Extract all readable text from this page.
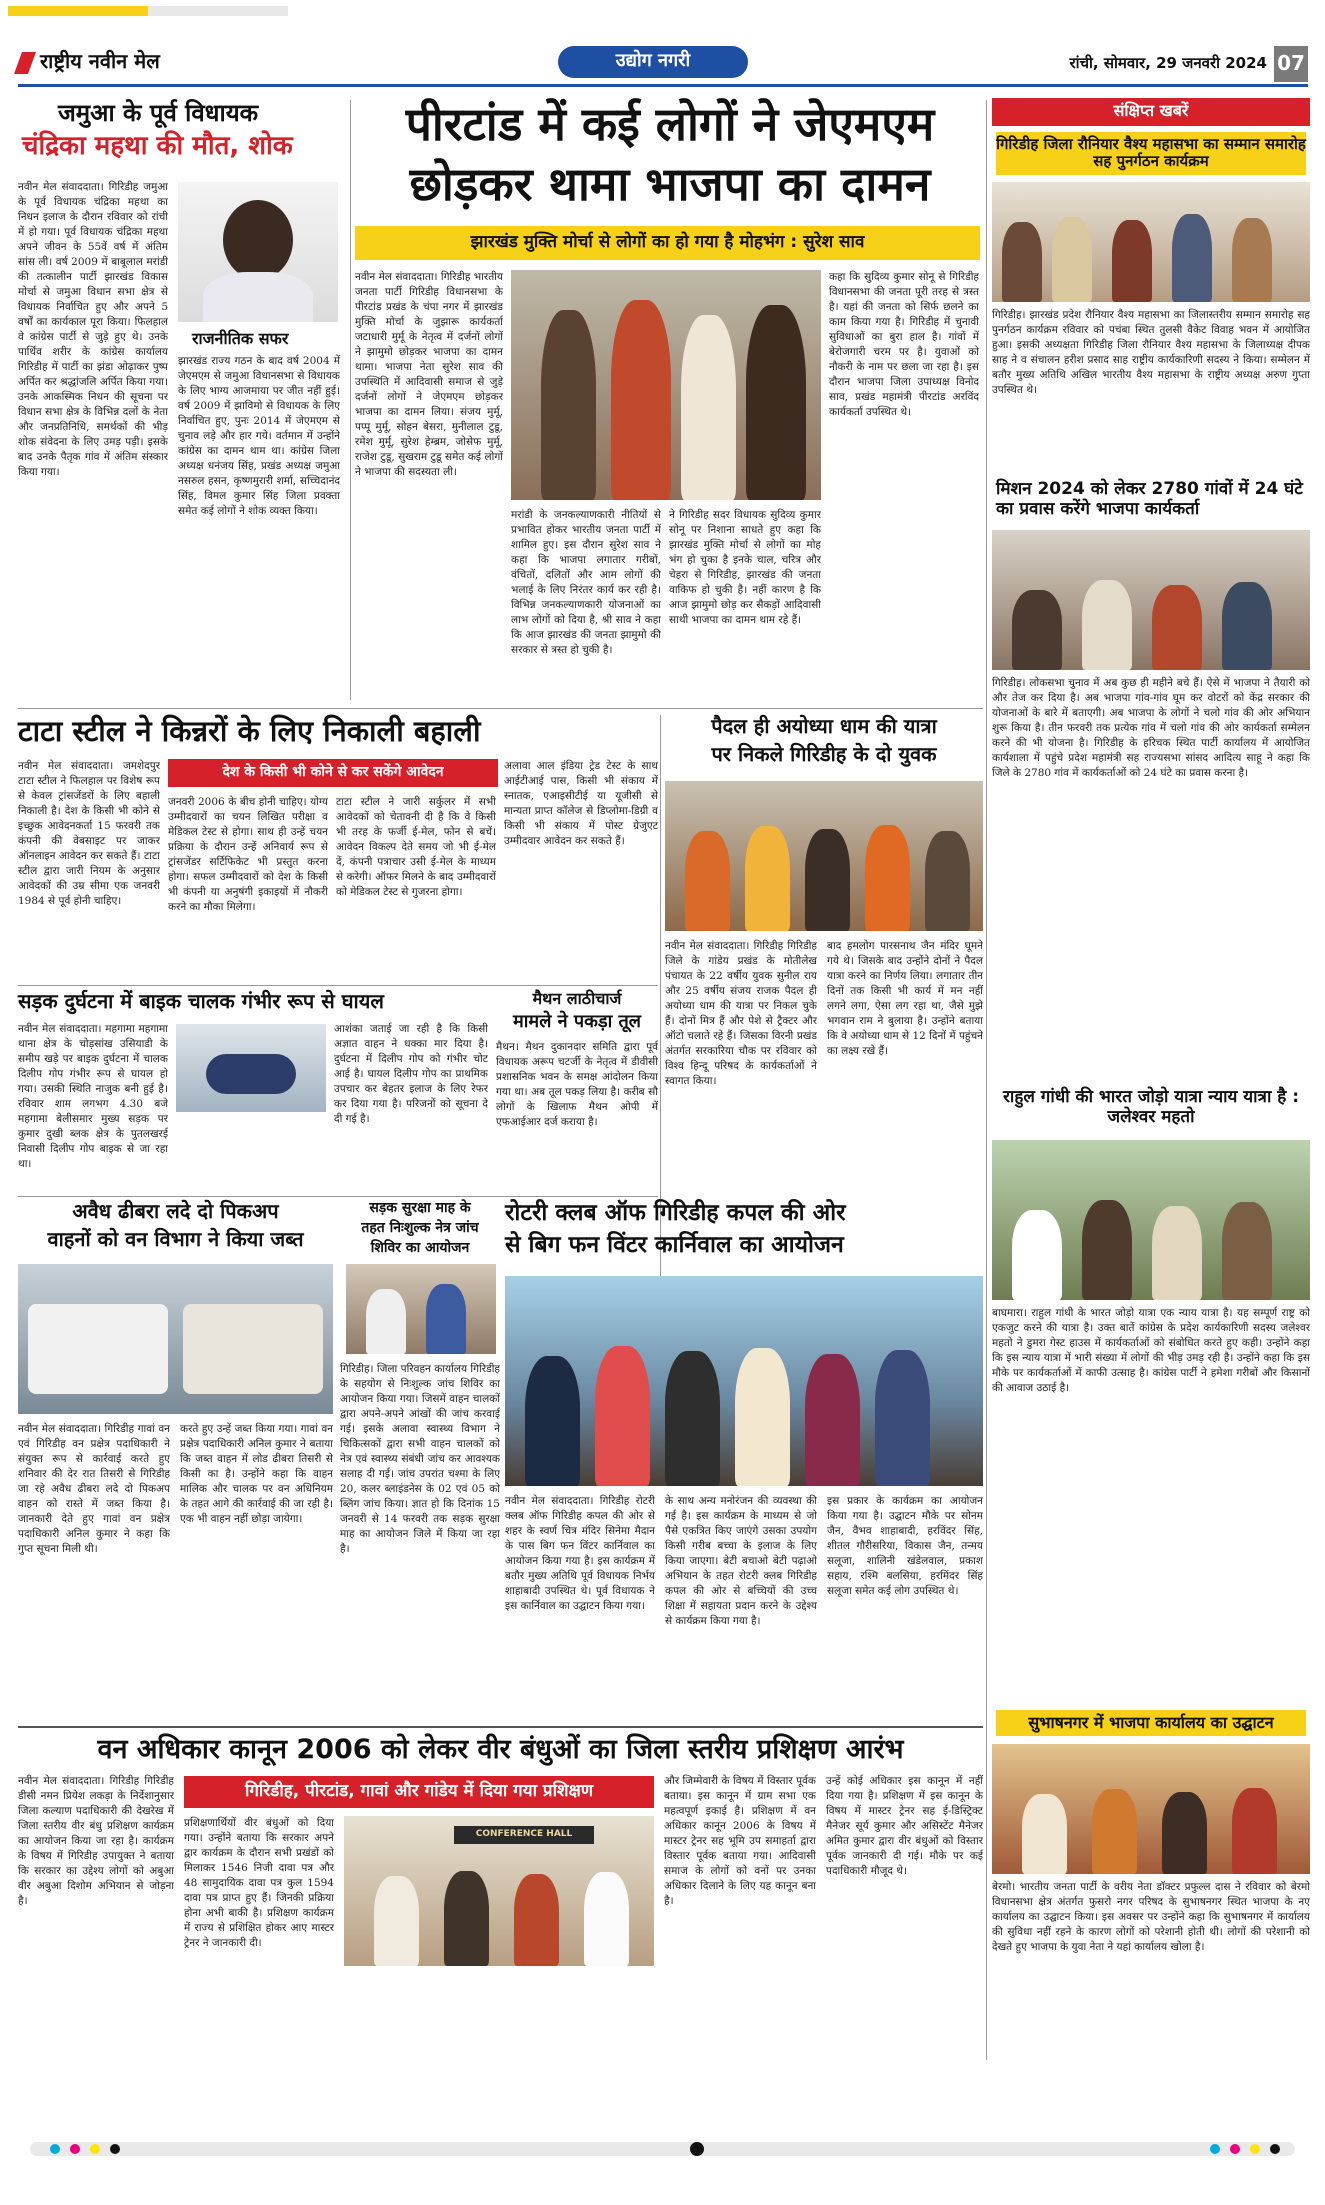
राष्ट्रीय नवीन मेल	उद्योग नगरी	रांची, सोमवार, 29 जनवरी 2024 07
जमुआ के पूर्व विधायक
चंद्रिका महथा की मौत, शोक
नवीन मेल संवाददाता। गिरिडीह जमुआ के पूर्व विधायक चंद्रिका महथा का निधन इलाज के दौरान रविवार को रांची में हो गया। पूर्व विधायक चंद्रिका महथा अपने जीवन के 55वें वर्ष में अंतिम सांस ली। वर्ष 2009 में बाबूलाल मरांडी की तत्कालीन पार्टी झारखंड विकास मोर्चा से जमुआ विधान सभा क्षेत्र से विधायक निर्वाचित हुए और अपने 5 वर्षों का कार्यकाल पूरा किया। फिलहाल वे कांग्रेस पार्टी से जुड़े हुए थे। उनके पार्थिव शरीर के कांग्रेस कार्यालय गिरिडीह में पार्टी का झंडा ओढ़ाकर पुष्प अर्पित कर श्रद्धांजलि अर्पित किया गया। उनके आकस्मिक निधन की सूचना पर विधान सभा क्षेत्र के विभिन्न दलों के नेता और जनप्रतिनिधि, समर्थकों की भीड़ शोक संवेदना के लिए उमड़ पड़ी। इसके बाद उनके पैतृक गांव में अंतिम संस्कार किया गया।
राजनीतिक सफर
झारखंड राज्य गठन के बाद वर्ष 2004 में जेएमएम से जमुआ विधानसभा से विधायक के लिए भाग्य आजमाया पर जीत नहीं हुई। वर्ष 2009 में झाविमो से विधायक के लिए निर्वाचित हुए, पुनः 2014 में जेएमएम से चुनाव लड़े और हार गये। वर्तमान में उन्होंने कांग्रेस का दामन थाम था। कांग्रेस जिला अध्यक्ष धनंजय सिंह, प्रखंड अध्यक्ष जमुआ नसरुल हसन, कृष्णमुरारी शर्मा, सच्चिदानंद सिंह, विमल कुमार सिंह जिला प्रवक्ता समेत कई लोगों ने शोक व्यक्त किया।
पीरटांड में कई लोगों ने जेएमएम
छोड़कर थामा भाजपा का दामन
झारखंड मुक्ति मोर्चा से लोगों का हो गया है मोहभंग : सुरेश साव
नवीन मेल संवाददाता। गिरिडीह भारतीय जनता पार्टी गिरिडीह विधानसभा के पीरटांड प्रखंड के चंपा नगर में झारखंड मुक्ति मोर्चा के जुझारू कार्यकर्ता जटाधारी मुर्मू के नेतृत्व में दर्जनों लोगों ने झामुमो छोड़कर भाजपा का दामन थामा। भाजपा नेता सुरेश साव की उपस्थिति में आदिवासी समाज से जुड़े दर्जनों लोगों ने जेएमएम छोड़कर भाजपा का दामन लिया। संजय मुर्मू, पप्पू मुर्मू, सोहन बेसरा, मुनीलाल टुडू, रमेश मुर्मू, सुरेश हेम्ब्रम, जोसेफ मुर्मू, राजेश टुडू, सुखराम टुडू समेत कई लोगों ने भाजपा की सदस्यता ली।
मरांडी के जनकल्याणकारी नीतियों से प्रभावित होकर भारतीय जनता पार्टी में शामिल हुए। इस दौरान सुरेश साव ने कहा कि भाजपा लगातार गरीबों, वंचितों, दलितों और आम लोगों की भलाई के लिए निरंतर कार्य कर रही है। विभिन्न जनकल्याणकारी योजनाओं का लाभ लोगों को दिया है, श्री साव ने कहा कि आज झारखंड की जनता झामुमो की सरकार से त्रस्त हो चुकी है।
ने गिरिडीह सदर विधायक सुदिव्य कुमार सोनू पर निशाना साधते हुए कहा कि झारखंड मुक्ति मोर्चा से लोगों का मोह भंग हो चुका है इनके चाल, चरित्र और चेहरा से गिरिडीह, झारखंड की जनता वाकिफ हो चुकी है। नहीं कारण है कि आज झामुमो छोड़ कर सैकड़ों आदिवासी साथी भाजपा का दामन थाम रहे हैं।
कहा कि सुदिव्य कुमार सोनू से गिरिडीह विधानसभा की जनता पूरी तरह से त्रस्त है। यहां की जनता को सिर्फ छलने का काम किया गया है। गिरिडीह में चुनावी सुविधाओं का बुरा हाल है। गांवों में बेरोजगारी चरम पर है। युवाओं को नौकरी के नाम पर छला जा रहा है। इस दौरान भाजपा जिला उपाध्यक्ष विनोद साव, प्रखंड महामंत्री पीरटांड अरविंद कार्यकर्ता उपस्थित थे।
संक्षिप्त खबरें
गिरिडीह जिला रौनियार वैश्य महासभा का सम्मान समारोह सह पुनर्गठन कार्यक्रम
गिरिडीह। झारखंड प्रदेश रौनियार वैश्य महासभा का जिलास्तरीय सम्मान समारोह सह पुनर्गठन कार्यक्रम रविवार को पचंबा स्थित तुलसी वैकेट विवाह भवन में आयोजित हुआ। इसकी अध्यक्षता गिरिडीह जिला रौनियार वैश्य महासभा के जिलाध्यक्ष दीपक साह ने व संचालन हरीश प्रसाद साह राष्ट्रीय कार्यकारिणी सदस्य ने किया। सम्मेलन में बतौर मुख्य अतिथि अखिल भारतीय वैश्य महासभा के राष्ट्रीय अध्यक्ष अरुण गुप्ता उपस्थित थे।
मिशन 2024 को लेकर 2780 गांवों में 24 घंटे का प्रवास करेंगे भाजपा कार्यकर्ता
गिरिडीह। लोकसभा चुनाव में अब कुछ ही महीने बचे हैं। ऐसे में भाजपा ने तैयारी को और तेज कर दिया है। अब भाजपा गांव-गांव घूम कर वोटरों को केंद्र सरकार की योजनाओं के बारे में बताएगी। अब भाजपा के लोगों ने चलो गांव की ओर अभियान शुरू किया है। तीन फरवरी तक प्रत्येक गांव में चलो गांव की ओर कार्यकर्ता सम्मेलन करने की भी योजना है। गिरिडीह के हरिचक स्थित पार्टी कार्यालय में आयोजित कार्यशाला में पहुंचे प्रदेश महामंत्री सह राज्यसभा सांसद आदित्य साहू ने कहा कि जिले के 2780 गांव में कार्यकर्ताओं को 24 घंटे का प्रवास करना है।
राहुल गांधी की भारत जोड़ो यात्रा न्याय यात्रा है : जलेश्वर महतो
बाघमारा। राहुल गांधी के भारत जोड़ो यात्रा एक न्याय यात्रा है। यह सम्पूर्ण राष्ट्र को एकजुट करने की यात्रा है। उक्त बातें कांग्रेस के प्रदेश कार्यकारिणी सदस्य जलेश्वर महतो ने डुमरा गेस्ट हाउस में कार्यकर्ताओं को संबोधित करते हुए कही। उन्होंने कहा कि इस न्याय यात्रा में भारी संख्या में लोगों की भीड़ उमड़ रही है। उन्होंने कहा कि इस मौके पर कार्यकर्ताओं में काफी उत्साह है। कांग्रेस पार्टी ने हमेशा गरीबों और किसानों की आवाज उठाई है।
सुभाषनगर में भाजपा कार्यालय का उद्घाटन
बेरमो। भारतीय जनता पार्टी के वरीय नेता डॉक्टर प्रफुल्ल दास ने रविवार को बेरमो विधानसभा क्षेत्र अंतर्गत फुसरो नगर परिषद के सुभाषनगर स्थित भाजपा के नए कार्यालय का उद्घाटन किया। इस अवसर पर उन्होंने कहा कि सुभाषनगर में कार्यालय की सुविधा नहीं रहने के कारण लोगों को परेशानी होती थी। लोगों की परेशानी को देखते हुए भाजपा के युवा नेता ने यहां कार्यालय खोला है।
टाटा स्टील ने किन्नरों के लिए निकाली बहाली
देश के किसी भी कोने से कर सकेंगे आवेदन
नवीन मेल संवाददाता। जमशेदपुर टाटा स्टील ने फिलहाल पर विशेष रूप से केवल ट्रांसजेंडरों के लिए बहाली निकाली है। देश के किसी भी कोने से इच्छुक आवेदनकर्ता 15 फरवरी तक कंपनी की वेबसाइट पर जाकर ऑनलाइन आवेदन कर सकते हैं। टाटा स्टील द्वारा जारी नियम के अनुसार आवेदकों की उम्र सीमा एक जनवरी 1984 से पूर्व होनी चाहिए।
जनवरी 2006 के बीच होनी चाहिए। योग्य उम्मीदवारों का चयन लिखित परीक्षा व मेडिकल टेस्ट से होगा। साथ ही उन्हें चयन प्रक्रिया के दौरान उन्हें अनिवार्य रूप से ट्रांसजेंडर सर्टिफिकेट भी प्रस्तुत करना होगा। सफल उम्मीदवारों को देश के किसी भी कंपनी या अनुषंगी इकाइयों में नौकरी करने का मौका मिलेगा।
टाटा स्टील ने जारी सर्कुलर में सभी आवेदकों को चेतावनी दी है कि वे किसी भी तरह के फर्जी ई-मेल, फोन से बचें। आवेदन विकल्प देते समय जो भी ई-मेल दें, कंपनी पत्राचार उसी ई-मेल के माध्यम से करेगी। ऑफर मिलने के बाद उम्मीदवारों को मेडिकल टेस्ट से गुजरना होगा।
अलावा आल इंडिया ट्रेड टेस्ट के साथ आईटीआई पास, किसी भी संकाय में स्नातक, एआइसीटीई या यूजीसी से मान्यता प्राप्त कॉलेज से डिप्लोमा-डिग्री व किसी भी संकाय में पोस्ट ग्रेजुएट उम्मीदवार आवेदन कर सकते हैं।
पैदल ही अयोध्या धाम की यात्रा
पर निकले गिरिडीह के दो युवक
नवीन मेल संवाददाता। गिरिडीह गिरिडीह जिले के गांडेय प्रखंड के मोतीलेख पंचायत के 22 वर्षीय युवक सुनील राय और 25 वर्षीय संजय राजक पैदल ही अयोध्या धाम की यात्रा पर निकल चुके हैं। दोनों मित्र हैं और पेशे से ट्रैक्टर और ऑटो चलाते रहे हैं। जिसका विरनी प्रखंड अंतर्गत सरकारिया चौक पर रविवार को विश्व हिन्दू परिषद के कार्यकर्ताओं ने स्वागत किया।
बाद हमलोग पारसनाथ जैन मंदिर घूमने गये थे। जिसके बाद उन्होंने दोनों ने पैदल यात्रा करने का निर्णय लिया। लगातार तीन दिनों तक किसी भी कार्य में मन नहीं लगने लगा, ऐसा लग रहा था, जैसे मुझे भगवान राम ने बुलाया है। उन्होंने बताया कि वे अयोध्या धाम से 12 दिनों में पहुंचने का लक्ष्य रखे हैं।
सड़क दुर्घटना में बाइक चालक गंभीर रूप से घायल
नवीन मेल संवाददाता। महगामा महगामा थाना क्षेत्र के चोड़सांख उसियाडी के समीप खड़े पर बाइक दुर्घटना में चालक दिलीप गोप गंभीर रूप से घायल हो गया। उसकी स्थिति नाजुक बनी हुई है। रविवार शाम लगभग 4.30 बजे महगामा बेलीसमार मुख्य सड़क पर कुमार दुखी ब्लक क्षेत्र के पुतलखरई निवासी दिलीप गोप बाइक से जा रहा था।
आशंका जताई जा रही है कि किसी अज्ञात वाहन ने धक्का मार दिया है। दुर्घटना में दिलीप गोप को गंभीर चोट आई है। घायल दिलीप गोप का प्राथमिक उपचार कर बेहतर इलाज के लिए रेफर कर दिया गया है। परिजनों को सूचना दे दी गई है।
मैथन लाठीचार्ज
मामले ने पकड़ा तूल
मैथन। मैथन दुकानदार समिति द्वारा पूर्व विधायक अरूप चटर्जी के नेतृत्व में डीवीसी प्रशासनिक भवन के समक्ष आंदोलन किया गया था। अब तूल पकड़ लिया है। करीब सौ लोगों के खिलाफ मैथन ओपी में एफआईआर दर्ज कराया है।
अवैध ढीबरा लदे दो पिकअप
वाहनों को वन विभाग ने किया जब्त
नवीन मेल संवाददाता। गिरिडीह गावां वन एवं गिरिडीह वन प्रक्षेत्र पदाधिकारी ने संयुक्त रूप से कार्रवाई करते हुए शनिवार की देर रात तिसरी से गिरिडीह जा रहे अवैध ढीबरा लदे दो पिकअप वाहन को रास्ते में जब्त किया है। जानकारी देते हुए गावां वन प्रक्षेत्र पदाधिकारी अनिल कुमार ने कहा कि गुप्त सूचना मिली थी।
करते हुए उन्हें जब्त किया गया। गावां वन प्रक्षेत्र पदाधिकारी अनिल कुमार ने बताया कि जब्त वाहन में लोड ढीबरा तिसरी से किसी का है। उन्होंने कहा कि वाहन मालिक और चालक पर वन अधिनियम के तहत आगे की कार्रवाई की जा रही है। एक भी वाहन नहीं छोड़ा जायेगा।
सड़क सुरक्षा माह के
तहत निःशुल्क नेत्र जांच
शिविर का आयोजन
गिरिडीह। जिला परिवहन कार्यालय गिरिडीह के सहयोग से निःशुल्क जांच शिविर का आयोजन किया गया। जिसमें वाहन चालकों द्वारा अपने-अपने आंखों की जांच करवाई गई। इसके अलावा स्वास्थ्य विभाग ने चिकित्सकों द्वारा सभी वाहन चालकों को नेत्र एवं स्वास्थ्य संबंधी जांच कर आवश्यक सलाह दी गई। जांच उपरांत चश्मा के लिए 20, कलर ब्लाइंडनेस के 02 एवं 05 को ब्लिंग जांच किया। ज्ञात हो कि दिनांक 15 जनवरी से 14 फरवरी तक सड़क सुरक्षा माह का आयोजन जिले में किया जा रहा है।
रोटरी क्लब ऑफ गिरिडीह कपल की ओर
से बिग फन विंटर कार्निवाल का आयोजन
नवीन मेल संवाददाता। गिरिडीह रोटरी क्लब ऑफ गिरिडीह कपल की ओर से शहर के स्वर्ण चित्र मंदिर सिनेमा मैदान के पास बिग फन विंटर कार्निवाल का आयोजन किया गया है। इस कार्यक्रम में बतौर मुख्य अतिथि पूर्व विधायक निर्भय शाहाबादी उपस्थित थे। पूर्व विधायक ने इस कार्निवाल का उद्घाटन किया गया।
के साथ अन्य मनोरंजन की व्यवस्था की गई है। इस कार्यक्रम के माध्यम से जो पैसे एकत्रित किए जाएंगे उसका उपयोग किसी गरीब बच्चा के इलाज के लिए किया जाएगा। बेटी बचाओ बेटी पढ़ाओ अभियान के तहत रोटरी क्लब गिरिडीह कपल की ओर से बच्चियों की उच्च शिक्षा में सहायता प्रदान करने के उद्देश्य से कार्यक्रम किया गया है।
इस प्रकार के कार्यक्रम का आयोजन किया गया है। उद्घाटन मौके पर सोनम जैन, वैभव शाहाबादी, हरविंदर सिंह, शीतल गौरीसरिया, विकास जैन, तन्मय सलूजा, शालिनी खंडेलवाल, प्रकाश सहाय, रश्मि बलसिया, हरमिंदर सिंह सलूजा समेत कई लोग उपस्थित थे।
वन अधिकार कानून 2006 को लेकर वीर बंधुओं का जिला स्तरीय प्रशिक्षण आरंभ
नवीन मेल संवाददाता। गिरिडीह गिरिडीह डीसी नमन प्रियेश लकड़ा के निर्देशानुसार जिला कल्याण पदाधिकारी की देखरेख में जिला स्तरीय वीर बंधु प्रशिक्षण कार्यक्रम का आयोजन किया जा रहा है। कार्यक्रम के विषय में गिरिडीह उपायुक्त ने बताया कि सरकार का उद्देश्य लोगों को अबुआ वीर अबुआ दिशोम अभियान से जोड़ना है।
गिरिडीह, पीरटांड, गावां और गांडेय में दिया गया प्रशिक्षण
प्रशिक्षणार्थियों वीर बंधुओं को दिया गया। उन्होंने बताया कि सरकार अपने द्वार कार्यक्रम के दौरान सभी प्रखंडों को मिलाकर 1546 निजी दावा पत्र और 48 सामुदायिक दावा पत्र कुल 1594 दावा पत्र प्राप्त हुए हैं। जिनकी प्रक्रिया होना अभी बाकी है। प्रशिक्षण कार्यक्रम में राज्य से प्रशिक्षित होकर आए मास्टर ट्रेनर ने जानकारी दी।
CONFERENCE HALL
और जिम्मेवारी के विषय में विस्तार पूर्वक बताया। इस कानून में ग्राम सभा एक महत्वपूर्ण इकाई है। प्रशिक्षण में वन अधिकार कानून 2006 के विषय में मास्टर ट्रेनर सह भूमि उप समाहर्ता द्वारा विस्तार पूर्वक बताया गया। आदिवासी समाज के लोगों को वनों पर उनका अधिकार दिलाने के लिए यह कानून बना है।
उन्हें कोई अधिकार इस कानून में नहीं दिया गया है। प्रशिक्षण में इस कानून के विषय में मास्टर ट्रेनर सह ई-डिस्ट्रिक्ट मैनेजर सूर्य कुमार और असिस्टेंट मैनेजर अमित कुमार द्वारा वीर बंधुओं को विस्तार पूर्वक जानकारी दी गई। मौके पर कई पदाधिकारी मौजूद थे।
